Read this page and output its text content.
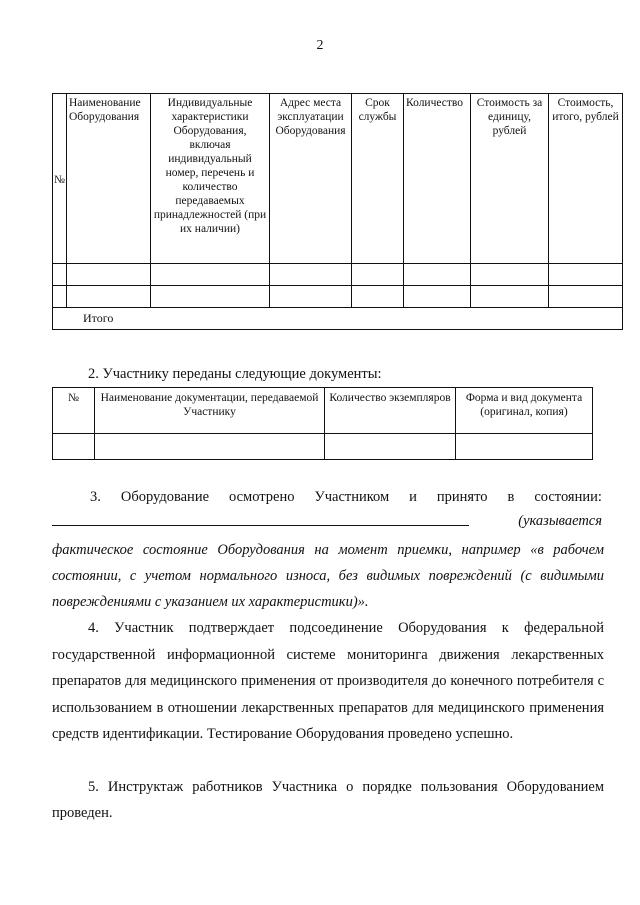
2
№	Наименование Оборудования	Индивидуальные характеристики Оборудования, включая индивидуальный номер, перечень и количество передаваемых принадлежностей (при их наличии)	Адрес места эксплуатации Оборудования	Срок службы	Количество	Стоимость за единицу, рублей	Стоимость, итого, рублей

Итого							

2. Участнику переданы следующие документы:

№	Наименование документации, передаваемой Участнику	Количество экземпляров	Форма и вид документа (оригинал, копия)

3. Оборудование осмотрено Участником и принято в состоянии:
(указывается

фактическое состояние Оборудования на момент приемки, например «в рабочем состоянии, с учетом нормального износа, без видимых повреждений (с видимыми повреждениями с указанием их характеристики)».

4. Участник подтверждает подсоединение Оборудования к федеральной государственной информационной системе мониторинга движения лекарственных препаратов для медицинского применения от производителя до конечного потребителя с использованием в отношении лекарственных препаратов для медицинского применения средств идентификации. Тестирование Оборудования проведено успешно.

5. Инструктаж работников Участника о порядке пользования Оборудованием проведен.
